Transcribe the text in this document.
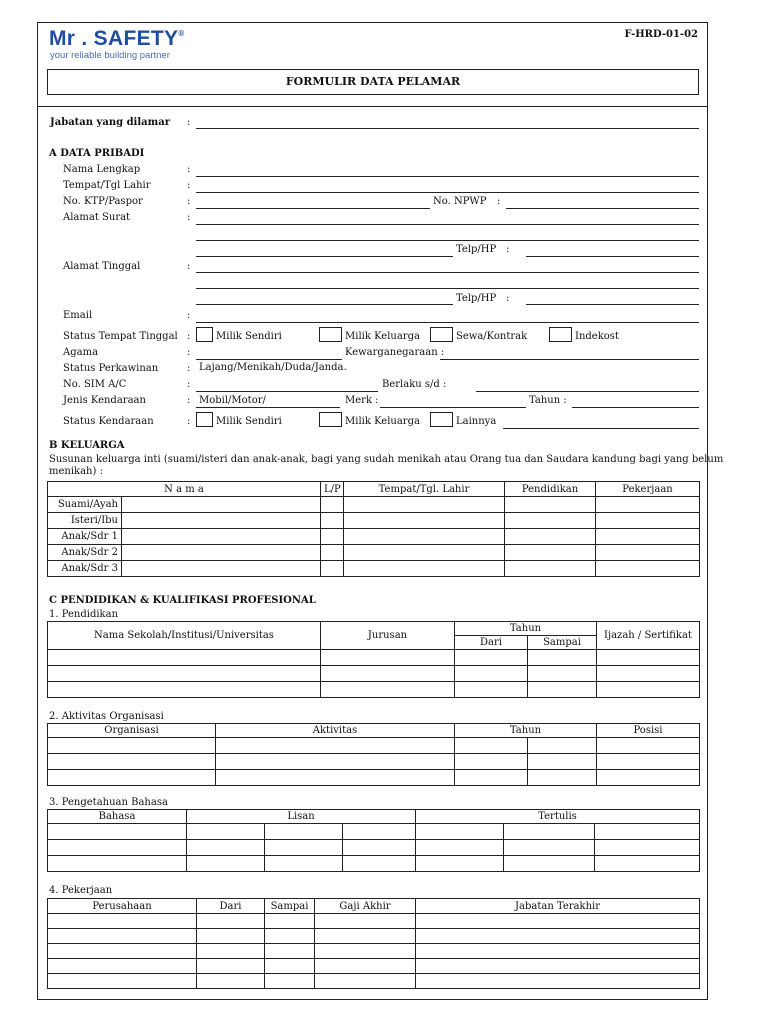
Mr . SAFETY®
your reliable building partner
F-HRD-01-02
FORMULIR DATA PELAMAR
Jabatan yang dilamar :
A DATA PRIBADI
Nama Lengkap	:
Tempat/Tgl Lahir	:
No. KTP/Paspor	:	No. NPWP :
Alamat Surat	:
Telp/HP :
Alamat Tinggal	:
Telp/HP :
Email	:
Status Tempat Tinggal :	Milik Sendiri	Milik Keluarga	Sewa/Kontrak	Indekost
Agama	:	Kewarganegaraan :
Status Perkawinan	: Lajang/Menikah/Duda/Janda.
No. SIM A/C	:	Berlaku s/d :
Jenis Kendaraan	: Mobil/Motor/	Merk :	Tahun :
Status Kendaraan	:	Milik Sendiri	Milik Keluarga	Lainnya
B KELUARGA
Susunan keluarga inti (suami/isteri dan anak-anak, bagi yang sudah menikah atau Orang tua dan Saudara kandung bagi yang belum
menikah) :
N a m a		L/P	Tempat/Tgl. Lahir	Pendidikan	Pekerjaan
Suami/Ayah					
Isteri/Ibu					
Anak/Sdr 1					
Anak/Sdr 2					
Anak/Sdr 3					
C PENDIDIKAN & KUALIFIKASI PROFESIONAL
1. Pendidikan
Nama Sekolah/Institusi/Universitas	Jurusan	Tahun		Ijazah / Sertifikat
		Dari	Sampai	

2. Aktivitas Organisasi
Organisasi	Aktivitas	Tahun		Posisi

3. Pengetahuan Bahasa
Bahasa	Lisan			Tertulis		

4. Pekerjaan
Perusahaan	Dari	Sampai	Gaji Akhir	Jabatan Terakhir
